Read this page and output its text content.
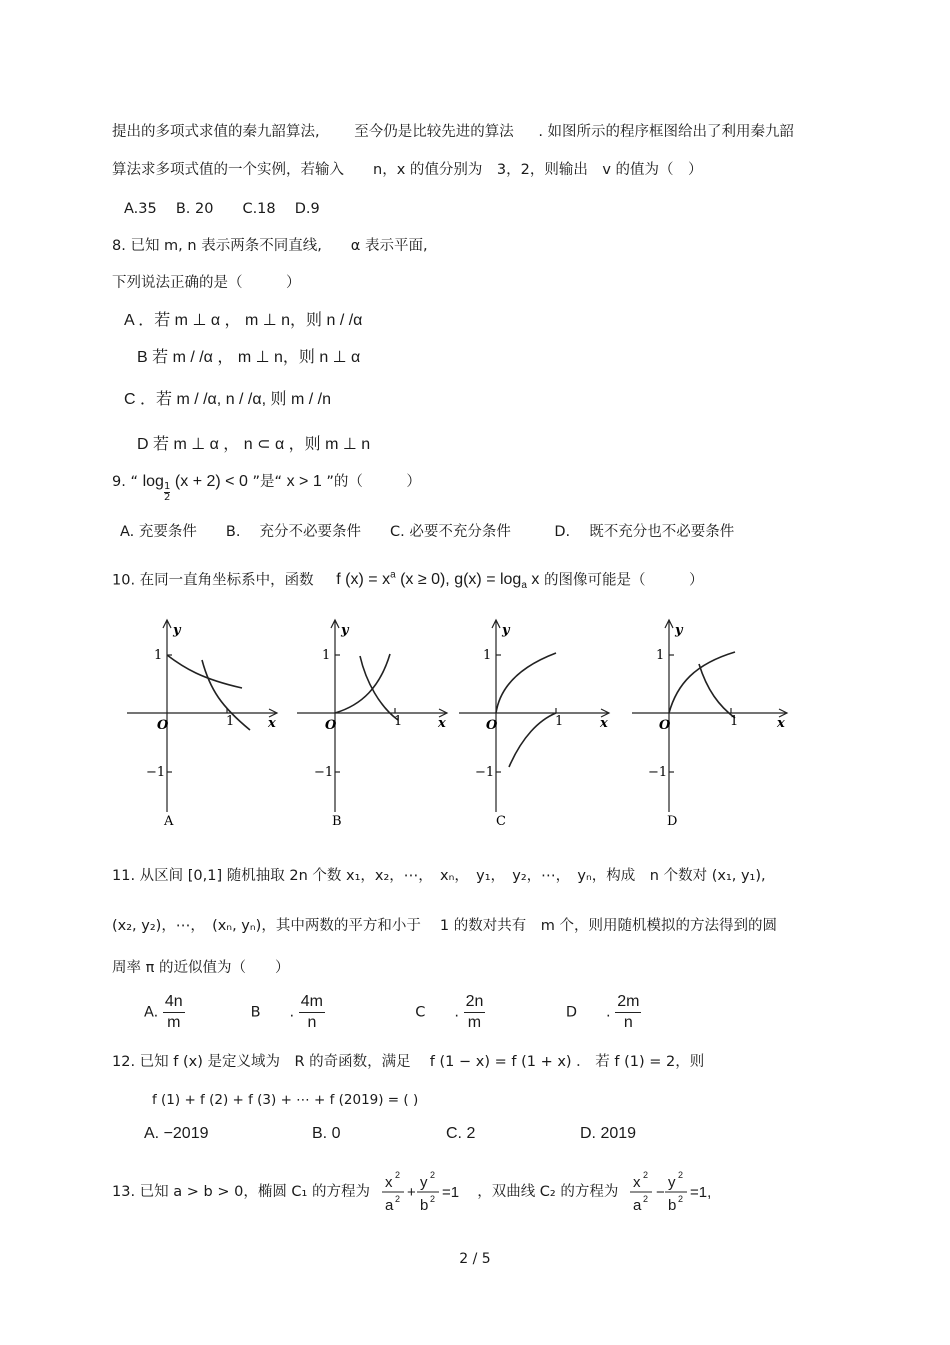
提出的多项式求值的秦九韶算法, 至今仍是比较先进的算法 . 如图所示的程序框图给出了利用秦九韶
算法求多项式值的一个实例，若输入　　n，x 的值分别为　3，2，则输出　v 的值为（　）
A.35　 B. 20　　C.18　 D.9
8. 已知 m, n 表示两条不同直线,　　α 表示平面,
下列说法正确的是（　　　）
A ．若 m ⊥ α ， m ⊥ n，则 n / /α
B 若 m / /α ， m ⊥ n，则 n ⊥ α
C ．若 m / /α, n / /α, 则 m / /n
D 若 m ⊥ α ， n ⊂ α ，则 m ⊥ n
9. “ log
$\frac{1}{2}$
(x + 2) < 0 ”是“ x > 1 ”的（　　　）
A. 充要条件　　B.　 充分不必要条件　　C. 必要不充分条件　　　D.　 既不充分也不必要条件
10. 在同一直角坐标系中，函数 f $(x) = x^a$ (x ≥ 0), $g(x) = \log_a x$ 的图像可能是（　　　）
y
x
O
1
1
−1
A
y
x
O
1
1
−1
B
y
x
O
1
1
−1
C
y
x
O
1
1
−1
D
11. 从区间 [0,1] 随机抽取 2n 个数 x₁，x₂，⋯，　xₙ，　y₁，　y₂，⋯，　yₙ，构成　n 个数对 (x₁, y₁),
(x₂, y₂)，⋯，　(xₙ, yₙ)，其中两数的平方和小于　 1 的数对共有　m 个，则用随机模拟的方法得到的圆
周率 π 的近似值为（　　）
A. $\frac{4n}{m}$	B　　. $\frac{4m}{n}$	C　　. $\frac{2n}{m}$	D　　. $\frac{2m}{n}$
12. 已知 f (x) 是定义域为　R 的奇函数，满足　 f (1 − x) = f (1 + x) ． 若 f (1) = 2，则
f (1) + f (2) + f (3) + ⋯ + f (2019) = ( )
A. −2019	B. 0	C. 2	D. 2019
13. 已知 a > b > 0，椭圆 C₁ 的方程为
x 2
a 2 +
y 2
b 2 =1 ，双曲线 C₂ 的方程为
x 2
a 2 −
y 2
b 2 =1,
2 / 5
